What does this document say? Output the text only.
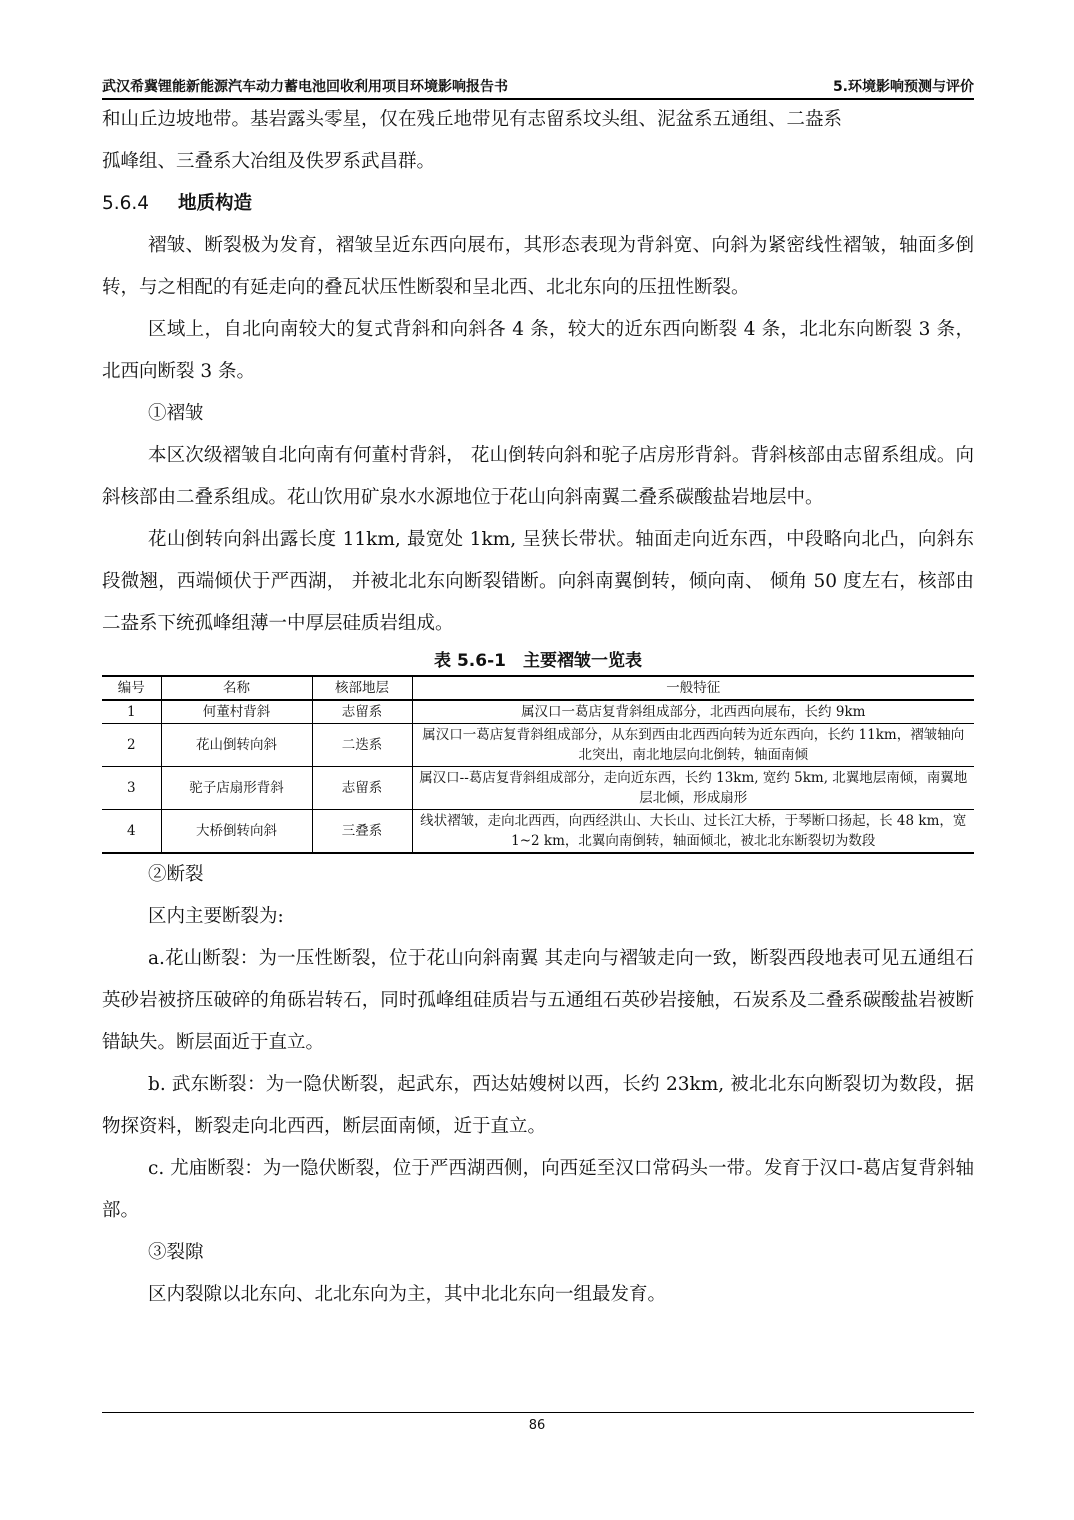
武汉希冀锂能新能源汽车动力蓄电池回收利用项目环境影响报告书	5.环境影响预测与评价

和山丘边坡地带。基岩露头零星，仅在残丘地带见有志留系坟头组、泥盆系五通组、二盎系

孤峰组、三叠系大冶组及佚罗系武昌群。

5.6.4 地质构造

褶皱、断裂极为发育，褶皱呈近东西向展布，其形态表现为背斜宽、向斜为紧密线性褶皱，轴面多倒转，与之相配的有延走向的叠瓦状压性断裂和呈北西、北北东向的压扭性断裂。

区域上，自北向南较大的复式背斜和向斜各 4 条，较大的近东西向断裂 4 条，北北东向断裂 3 条，北西向断裂 3 条。

①褶皱

本区次级褶皱自北向南有何董村背斜， 花山倒转向斜和驼子店房形背斜。背斜核部由志留系组成。向斜核部由二叠系组成。花山饮用矿泉水水源地位于花山向斜南翼二叠系碳酸盐岩地层中。

花山倒转向斜出露长度 11km, 最宽处 1km, 呈狭长带状。轴面走向近东西，中段略向北凸，向斜东段微翘，西端倾伏于严西湖， 并被北北东向断裂错断。向斜南翼倒转，倾向南、 倾角 50 度左右，核部由二盎系下统孤峰组薄一中厚层硅质岩组成。

表 5.6-1　主要褶皱一览表
编号	名称	核部地层	一般特征
1	何董村背斜	志留系	属汉口一葛店复背斜组成部分，北西西向展布，长约 9km
2	花山倒转向斜	二迭系	属汉口一葛店复背斜组成部分，从东到西由北西西向转为近东西向，长约 11km，褶皱轴向北突出，南北地层向北倒转，轴面南倾
3	驼子店扇形背斜	志留系	属汉口--葛店复背斜组成部分，走向近东西，长约 13km, 宽约 5km, 北翼地层南倾，南翼地层北倾，形成扇形
4	大桥倒转向斜	三叠系	线状褶皱，走向北西西，向西经洪山、大长山、过长江大桥，于琴断口扬起，长 48 km，宽 1~2 km，北翼向南倒转，轴面倾北，被北北东断裂切为数段

②断裂

区内主要断裂为:

a.花山断裂：为一压性断裂，位于花山向斜南翼 其走向与褶皱走向一致，断裂西段地表可见五通组石英砂岩被挤压破碎的角砾岩转石，同时孤峰组硅质岩与五通组石英砂岩接触，石炭系及二叠系碳酸盐岩被断错缺失。断层面近于直立。

b. 武东断裂：为一隐伏断裂，起武东，西达姑嫂树以西，长约 23km, 被北北东向断裂切为数段，据物探资料，断裂走向北西西，断层面南倾，近于直立。

c. 尤庙断裂：为一隐伏断裂，位于严西湖西侧，向西延至汉口常码头一带。发育于汉口-葛店复背斜轴部。

③裂隙

区内裂隙以北东向、北北东向为主，其中北北东向一组最发育。

86
